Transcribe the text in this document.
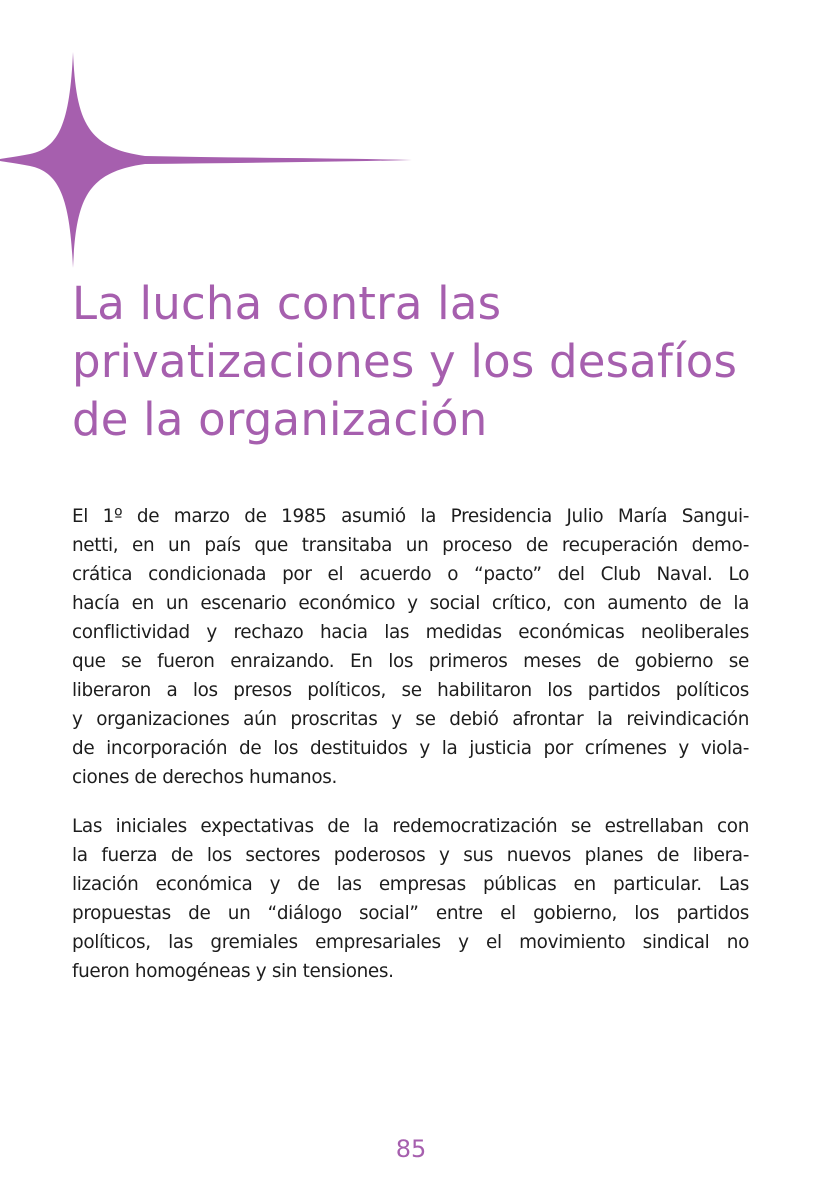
La lucha contra las
privatizaciones y los desafíos
de la organización

El 1º de marzo de 1985 asumió la Presidencia Julio María Sangui-
netti, en un país que transitaba un proceso de recuperación demo-
crática condicionada por el acuerdo o “pacto” del Club Naval. Lo
hacía en un escenario económico y social crítico, con aumento de la
conflictividad y rechazo hacia las medidas económicas neoliberales
que se fueron enraizando. En los primeros meses de gobierno se
liberaron a los presos políticos, se habilitaron los partidos políticos
y organizaciones aún proscritas y se debió afrontar la reivindicación
de incorporación de los destituidos y la justicia por crímenes y viola-
ciones de derechos humanos.

Las iniciales expectativas de la redemocratización se estrellaban con
la fuerza de los sectores poderosos y sus nuevos planes de libera-
lización económica y de las empresas públicas en particular. Las
propuestas de un “diálogo social” entre el gobierno, los partidos
políticos, las gremiales empresariales y el movimiento sindical no
fueron homogéneas y sin tensiones.

85
